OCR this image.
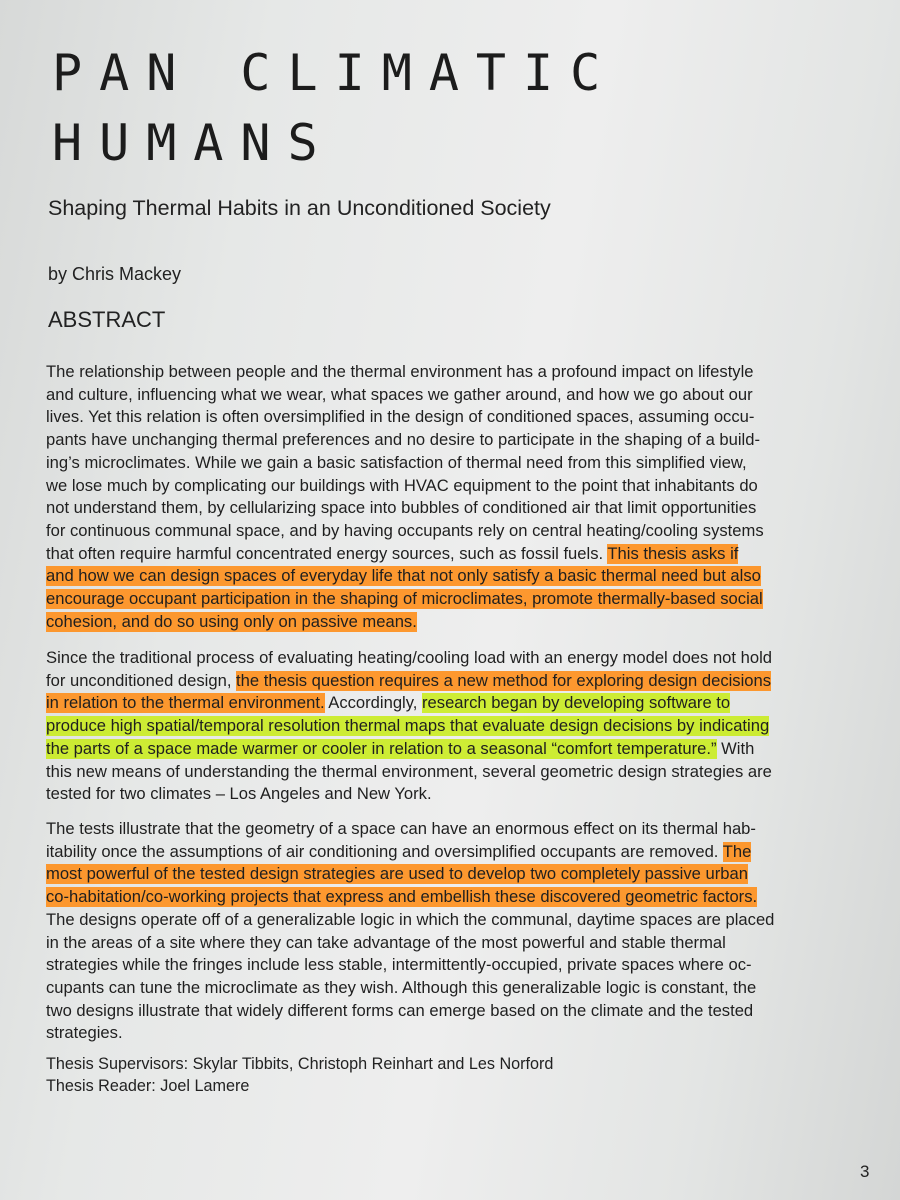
PAN CLIMATIC
HUMANS
Shaping Thermal Habits in an Unconditioned Society
by Chris Mackey
ABSTRACT

The relationship between people and the thermal environment has a profound impact on lifestyle
and culture, influencing what we wear, what spaces we gather around, and how we go about our
lives. Yet this relation is often oversimplified in the design of conditioned spaces, assuming occu-
pants have unchanging thermal preferences and no desire to participate in the shaping of a build-
ing’s microclimates. While we gain a basic satisfaction of thermal need from this simplified view,
we lose much by complicating our buildings with HVAC equipment to the point that inhabitants do
not understand them, by cellularizing space into bubbles of conditioned air that limit opportunities
for continuous communal space, and by having occupants rely on central heating/cooling systems
that often require harmful concentrated energy sources, such as fossil fuels. This thesis asks if
and how we can design spaces of everyday life that not only satisfy a basic thermal need but also
encourage occupant participation in the shaping of microclimates, promote thermally-based social
cohesion, and do so using only on passive means.

Since the traditional process of evaluating heating/cooling load with an energy model does not hold
for unconditioned design, the thesis question requires a new method for exploring design decisions
in relation to the thermal environment. Accordingly, research began by developing software to
produce high spatial/temporal resolution thermal maps that evaluate design decisions by indicating
the parts of a space made warmer or cooler in relation to a seasonal “comfort temperature.” With
this new means of understanding the thermal environment, several geometric design strategies are
tested for two climates – Los Angeles and New York.

The tests illustrate that the geometry of a space can have an enormous effect on its thermal hab-
itability once the assumptions of air conditioning and oversimplified occupants are removed. The
most powerful of the tested design strategies are used to develop two completely passive urban
co-habitation/co-working projects that express and embellish these discovered geometric factors.
The designs operate off of a generalizable logic in which the communal, daytime spaces are placed
in the areas of a site where they can take advantage of the most powerful and stable thermal
strategies while the fringes include less stable, intermittently-occupied, private spaces where oc-
cupants can tune the microclimate as they wish. Although this generalizable logic is constant, the
two designs illustrate that widely different forms can emerge based on the climate and the tested
strategies.

Thesis Supervisors: Skylar Tibbits, Christoph Reinhart and Les Norford
Thesis Reader: Joel Lamere
3
